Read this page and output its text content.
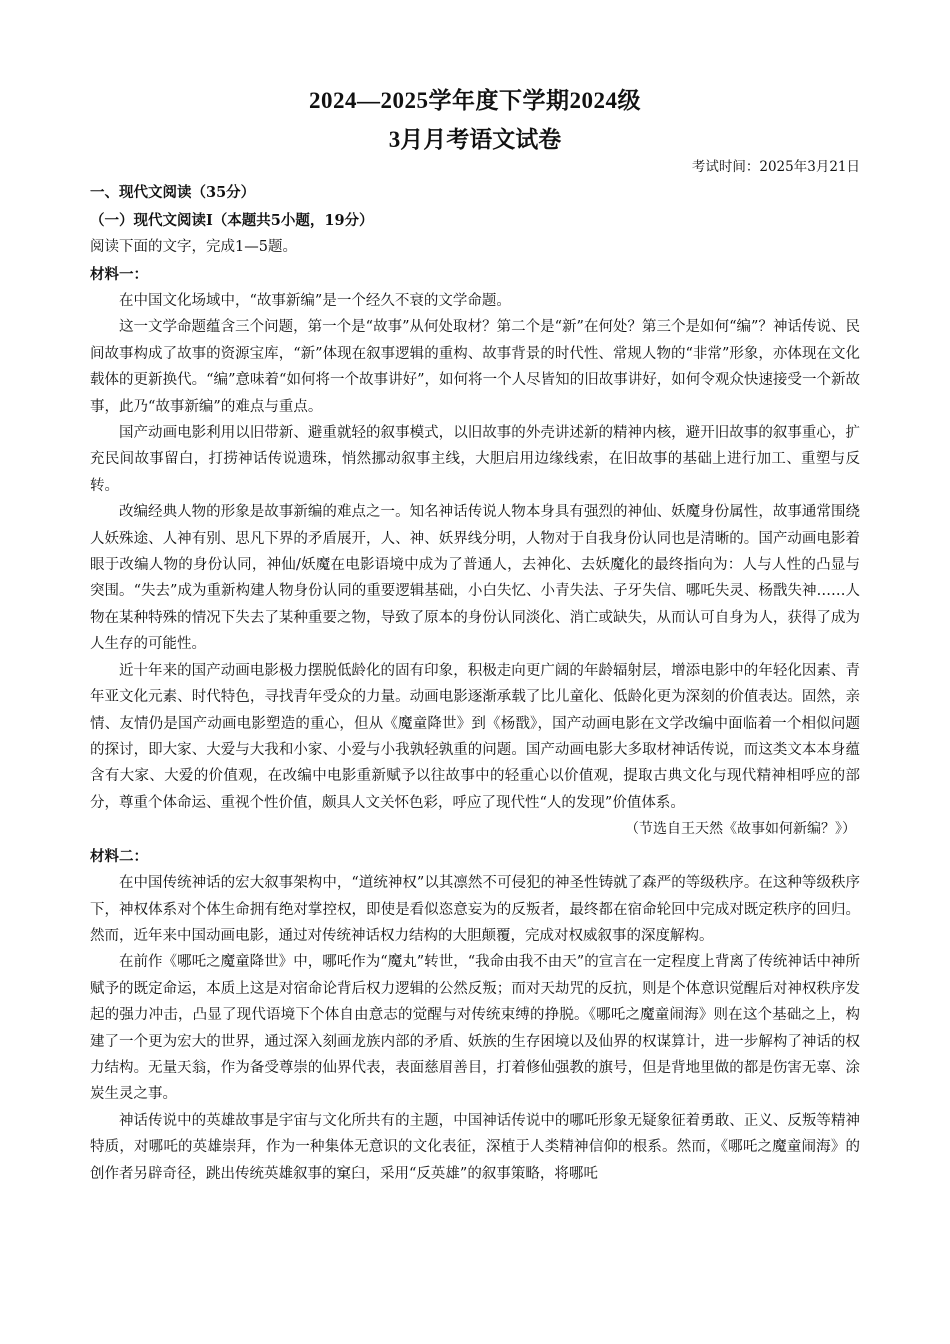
2024—2025学年度下学期2024级
3月月考语文试卷
考试时间：2025年3月21日
一、现代文阅读（35分）
（一）现代文阅读Ⅰ（本题共5小题，19分）
阅读下面的文字，完成1—5题。
材料一：

在中国文化场域中，“故事新编”是一个经久不衰的文学命题。

这一文学命题蕴含三个问题，第一个是“故事”从何处取材？第二个是“新”在何处？第三个是如何“编”？神话传说、民间故事构成了故事的资源宝库，“新”体现在叙事逻辑的重构、故事背景的时代性、常规人物的“非常”形象，亦体现在文化载体的更新换代。“编”意味着“如何将一个故事讲好”，如何将一个人尽皆知的旧故事讲好，如何令观众快速接受一个新故事，此乃“故事新编”的难点与重点。

国产动画电影利用以旧带新、避重就轻的叙事模式，以旧故事的外壳讲述新的精神内核，避开旧故事的叙事重心，扩充民间故事留白，打捞神话传说遗珠，悄然挪动叙事主线，大胆启用边缘线索，在旧故事的基础上进行加工、重塑与反转。

改编经典人物的形象是故事新编的难点之一。知名神话传说人物本身具有强烈的神仙、妖魔身份属性，故事通常围绕人妖殊途、人神有别、思凡下界的矛盾展开，人、神、妖界线分明，人物对于自我身份认同也是清晰的。国产动画电影着眼于改编人物的身份认同，神仙/妖魔在电影语境中成为了普通人，去神化、去妖魔化的最终指向为：人与人性的凸显与突围。“失去”成为重新构建人物身份认同的重要逻辑基础，小白失忆、小青失法、子牙失信、哪吒失灵、杨戬失神……人物在某种特殊的情况下失去了某种重要之物，导致了原本的身份认同淡化、消亡或缺失，从而认可自身为人，获得了成为人生存的可能性。

近十年来的国产动画电影极力摆脱低龄化的固有印象，积极走向更广阔的年龄辐射层，增添电影中的年轻化因素、青年亚文化元素、时代特色，寻找青年受众的力量。动画电影逐渐承载了比儿童化、低龄化更为深刻的价值表达。固然，亲情、友情仍是国产动画电影塑造的重心，但从《魔童降世》到《杨戬》，国产动画电影在文学改编中面临着一个相似问题的探讨，即大家、大爱与大我和小家、小爱与小我孰轻孰重的问题。国产动画电影大多取材神话传说，而这类文本本身蕴含有大家、大爱的价值观，在改编中电影重新赋予以往故事中的轻重心以价值观，提取古典文化与现代精神相呼应的部分，尊重个体命运、重视个性价值，颇具人文关怀色彩，呼应了现代性“人的发现”价值体系。

（节选自王天然《故事如何新编？》）
材料二：

在中国传统神话的宏大叙事架构中，“道统神权”以其凛然不可侵犯的神圣性铸就了森严的等级秩序。在这种等级秩序下，神权体系对个体生命拥有绝对掌控权，即使是看似恣意妄为的反叛者，最终都在宿命轮回中完成对既定秩序的回归。然而，近年来中国动画电影，通过对传统神话权力结构的大胆颠覆，完成对权威叙事的深度解构。

在前作《哪吒之魔童降世》中，哪吒作为“魔丸”转世，“我命由我不由天”的宣言在一定程度上背离了传统神话中神所赋予的既定命运，本质上这是对宿命论背后权力逻辑的公然反叛；而对天劫咒的反抗，则是个体意识觉醒后对神权秩序发起的强力冲击，凸显了现代语境下个体自由意志的觉醒与对传统束缚的挣脱。《哪吒之魔童闹海》则在这个基础之上，构建了一个更为宏大的世界，通过深入刻画龙族内部的矛盾、妖族的生存困境以及仙界的权谋算计，进一步解构了神话的权力结构。无量天翁，作为备受尊崇的仙界代表，表面慈眉善目，打着修仙强教的旗号，但是背地里做的都是伤害无辜、涂炭生灵之事。

神话传说中的英雄故事是宇宙与文化所共有的主题，中国神话传说中的哪吒形象无疑象征着勇敢、正义、反叛等精神特质，对哪吒的英雄崇拜，作为一种集体无意识的文化表征，深植于人类精神信仰的根系。然而，《哪吒之魔童闹海》的创作者另辟奇径，跳出传统英雄叙事的窠臼，采用“反英雄”的叙事策略，将哪吒
